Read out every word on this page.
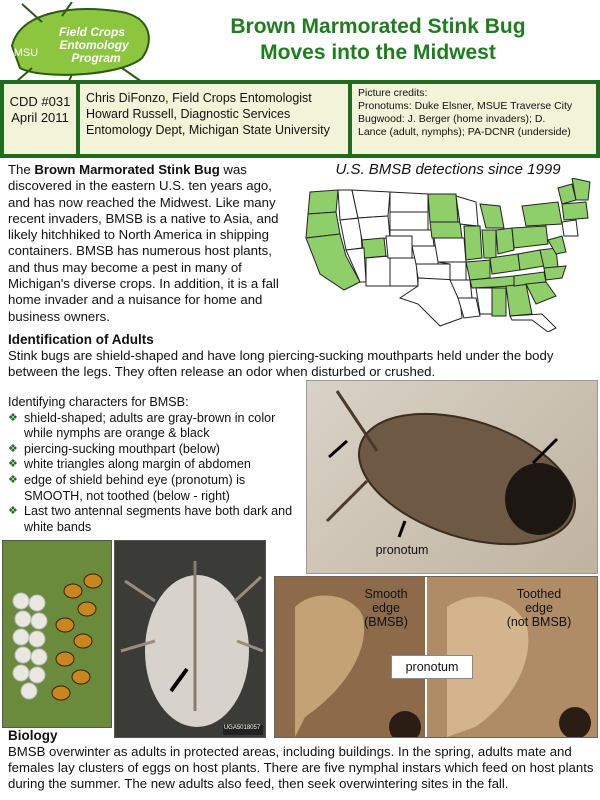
Field Crops
Entomology
Program
MSU
Brown Marmorated Stink Bug
Moves into the Midwest
CDD #031
April 2011
Chris DiFonzo, Field Crops Entomologist
Howard Russell, Diagnostic Services
Entomology Dept, Michigan State University
Picture credits:
Pronotums: Duke Elsner, MSUE Traverse City
Bugwood: J. Berger (home invaders); D.
Lance (adult, nymphs); PA-DCNR (underside)
The Brown Marmorated Stink Bug was discovered in the eastern U.S. ten years ago, and has now reached the Midwest. Like many recent invaders, BMSB is a native to Asia, and likely hitchhiked to North America in shipping containers. BMSB has numerous host plants, and thus may become a pest in many of Michigan's diverse crops. In addition, it is a fall home invader and a nuisance for home and business owners.
U.S. BMSB detections since 1999
Identification of Adults
Stink bugs are shield-shaped and have long piercing-sucking mouthparts held under the body between the legs. They often release an odor when disturbed or crushed.
Identifying characters for BMSB:
❖ shield-shaped; adults are gray-brown in color while nymphs are orange & black
❖ piercing-sucking mouthpart (below)
❖ white triangles along margin of abdomen
❖ edge of shield behind eye (pronotum) is SMOOTH, not toothed (below - right)
❖ Last two antennal segments have both dark and white bands
pronotum
UGA5018057
Smooth
edge
(BMSB)
Toothed
edge
(not BMSB)
pronotum
Biology
BMSB overwinter as adults in protected areas, including buildings. In the spring, adults mate and females lay clusters of eggs on host plants. There are five nymphal instars which feed on host plants during the summer. The new adults also feed, then seek overwintering sites in the fall.
